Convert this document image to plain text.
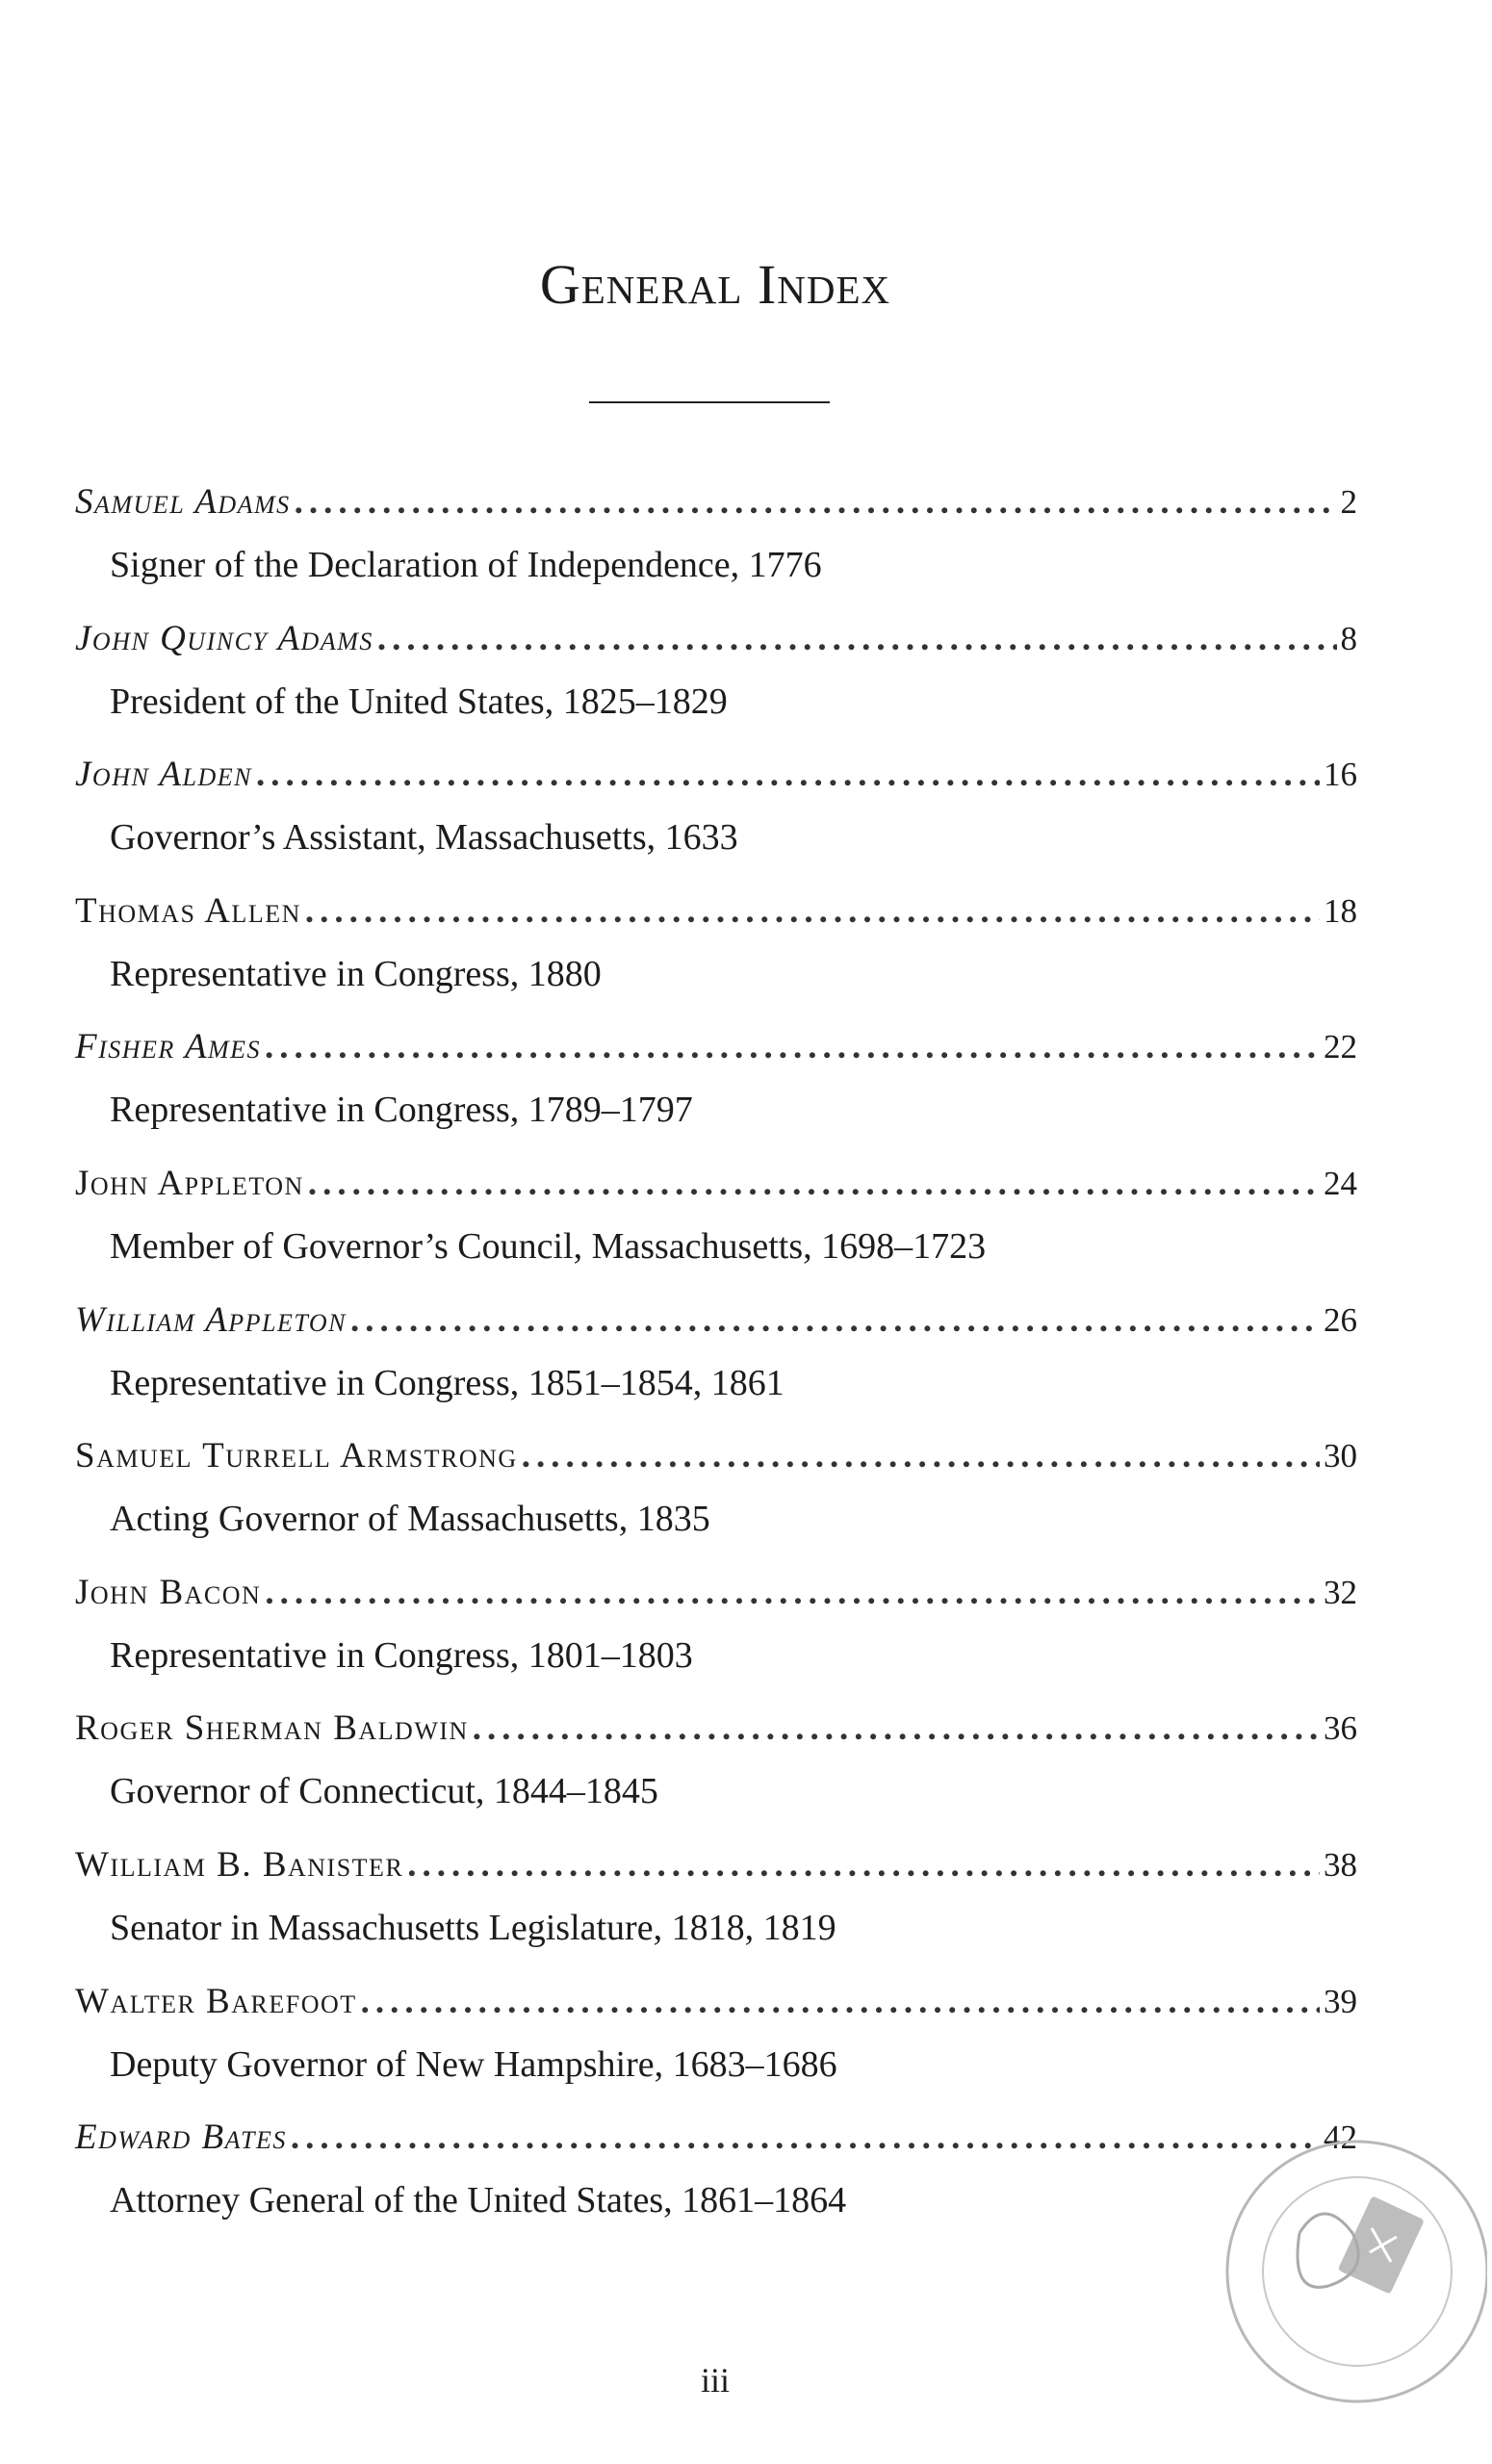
General Index
Samuel Adams .....	2
Signer of the Declaration of Independence, 1776
John Quincy Adams .....	8
President of the United States, 1825–1829
John Alden .....	16
Governor’s Assistant, Massachusetts, 1633
Thomas Allen .....	18
Representative in Congress, 1880
Fisher Ames .....	22
Representative in Congress, 1789–1797
John Appleton .....	24
Member of Governor’s Council, Massachusetts, 1698–1723
William Appleton .....	26
Representative in Congress, 1851–1854, 1861
Samuel Turrell Armstrong .....	30
Acting Governor of Massachusetts, 1835
John Bacon .....	32
Representative in Congress, 1801–1803
Roger Sherman Baldwin .....	36
Governor of Connecticut, 1844–1845
William B. Banister .....	38
Senator in Massachusetts Legislature, 1818, 1819
Walter Barefoot .....	39
Deputy Governor of New Hampshire, 1683–1686
Edward Bates .....	42
Attorney General of the United States, 1861–1864

iii
